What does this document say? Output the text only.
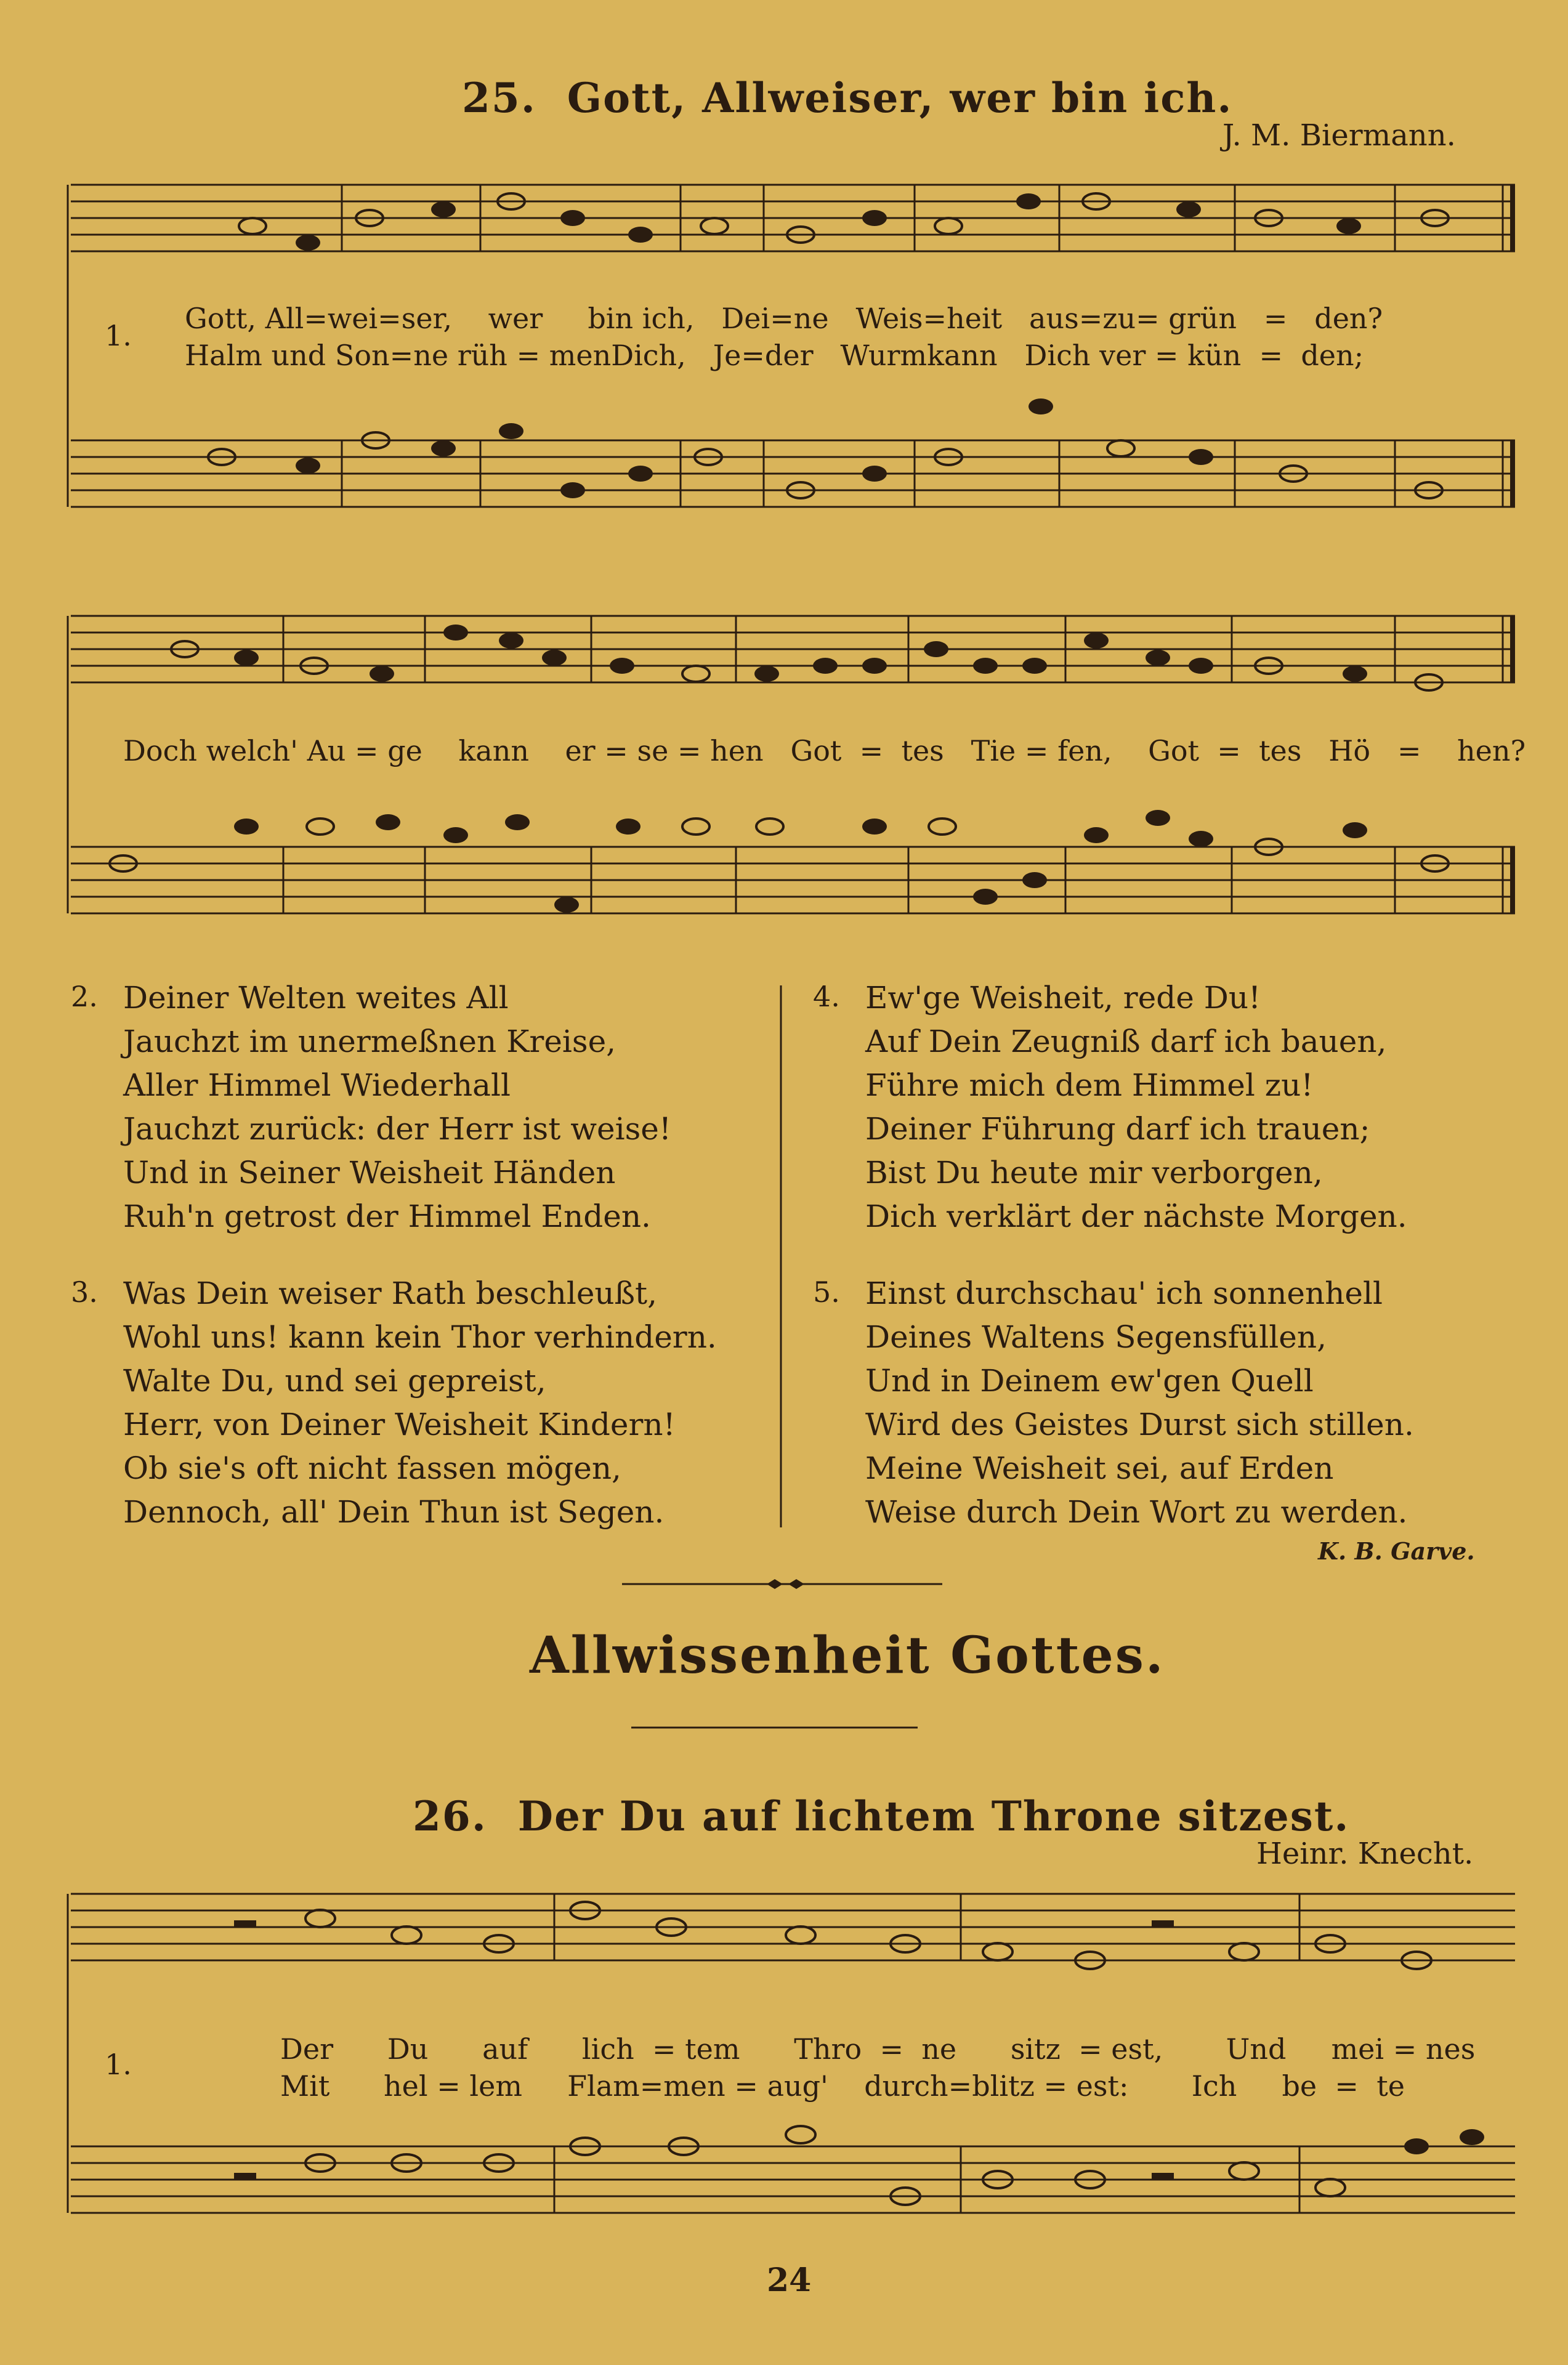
25. Gott, Allweiser, wer bin ich.
J. M. Biermann.
1.
Gott, All=wei=ser, wer bin ich, Dei=ne Weis=heit aus=zu= grün = den?
Halm und Son=ne rüh = menDich, Je=der Wurmkann Dich ver = kün = den;
Doch welch' Au = ge kann er = se = hen Got = tes Tie = fen, Got = tes Hö = hen?
2. Deiner Welten weites All
Jauchzt im unermeßnen Kreise,
Aller Himmel Wiederhall
Jauchzt zurück: der Herr ist weise!
Und in Seiner Weisheit Händen
Ruh'n getrost der Himmel Enden.
3. Was Dein weiser Rath beschleußt,
Wohl uns! kann kein Thor verhindern.
Walte Du, und sei gepreist,
Herr, von Deiner Weisheit Kindern!
Ob sie's oft nicht fassen mögen,
Dennoch, all' Dein Thun ist Segen.
4. Ew'ge Weisheit, rede Du!
Auf Dein Zeugniß darf ich bauen,
Führe mich dem Himmel zu!
Deiner Führung darf ich trauen;
Bist Du heute mir verborgen,
Dich verklärt der nächste Morgen.
5. Einst durchschau' ich sonnenhell
Deines Waltens Segensfüllen,
Und in Deinem ew'gen Quell
Wird des Geistes Durst sich stillen.
Meine Weisheit sei, auf Erden
Weise durch Dein Wort zu werden.
K. B. Garve.
Allwissenheit Gottes.
26. Der Du auf lichtem Throne sitzest.
Heinr. Knecht.
1.	Der Du auf lich = tem Thro = ne sitz = est, Und mei = nes
Mit hel = lem Flam=men = aug' durch=blitz = est: Ich be = te
24
